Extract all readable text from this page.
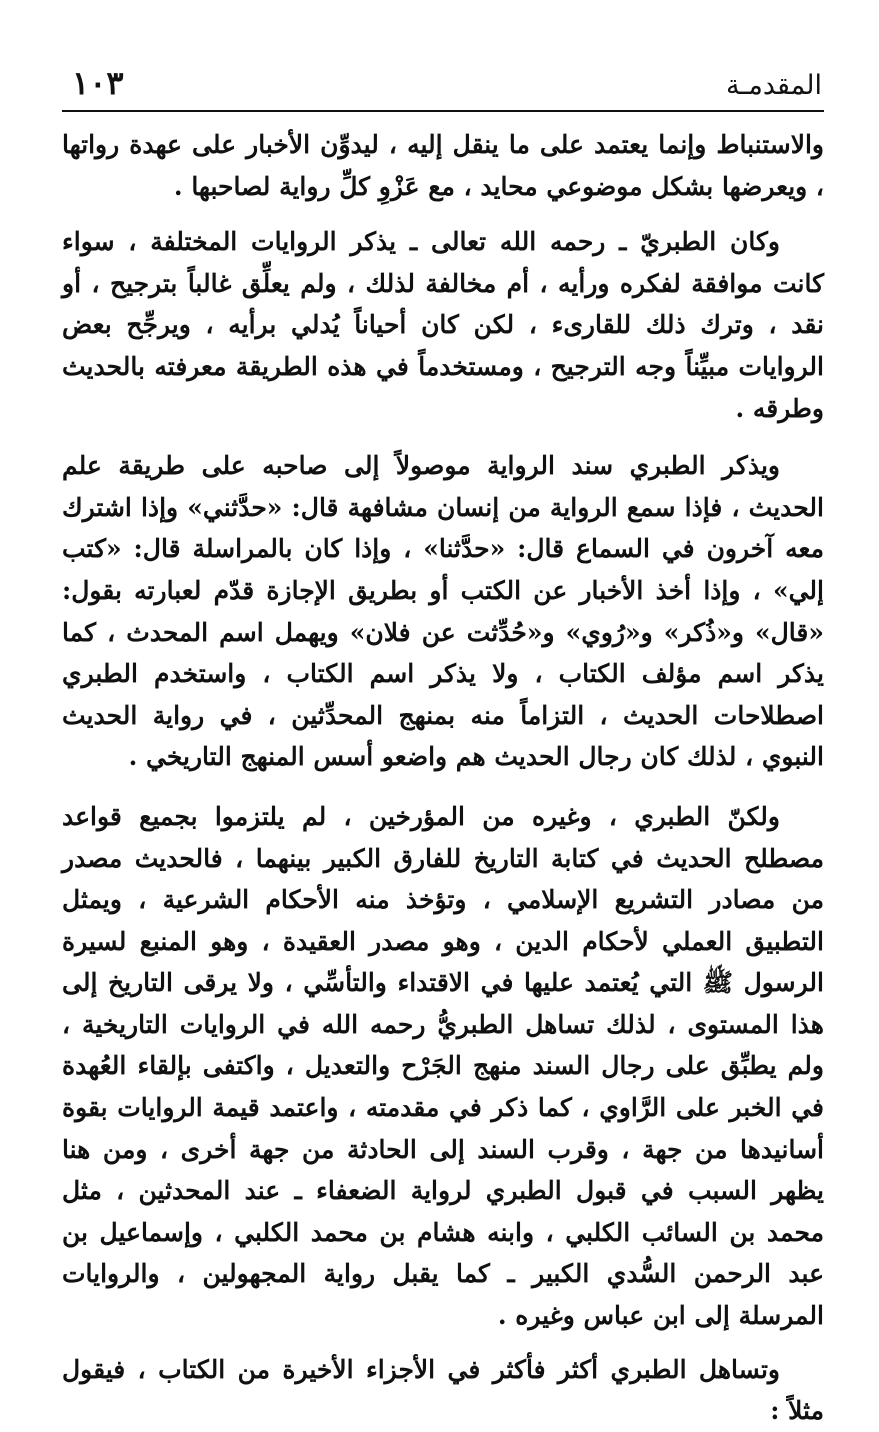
المقدمـة
١٠٣

والاستنباط وإنما يعتمد على ما ينقل إليه ، ليدوِّن الأخبار على عهدة رواتها ، ويعرضها بشكل موضوعي محايد ، مع عَزْوِ كلِّ رواية لصاحبها .

وكان الطبريّ ـ رحمه الله تعالى ـ يذكر الروايات المختلفة ، سواء كانت موافقة لفكره ورأيه ، أم مخالفة لذلك ، ولم يعلِّق غالباً بترجيح ، أو نقد ، وترك ذلك للقارىء ، لكن كان أحياناً يُدلي برأيه ، ويرجِّح بعض الروايات مبيِّناً وجه الترجيح ، ومستخدماً في هذه الطريقة معرفته بالحديث وطرقه .

ويذكر الطبري سند الرواية موصولاً إلى صاحبه على طريقة علم الحديث ، فإذا سمع الرواية من إنسان مشافهة قال: «حدَّثني» وإذا اشترك معه آخرون في السماع قال: «حدَّثنا» ، وإذا كان بالمراسلة قال: «كتب إلي» ، وإذا أخذ الأخبار عن الكتب أو بطريق الإجازة قدّم لعبارته بقول: «قال» و«ذُكر» و«رُوي» و«حُدِّثت عن فلان» ويهمل اسم المحدث ، كما يذكر اسم مؤلف الكتاب ، ولا يذكر اسم الكتاب ، واستخدم الطبري اصطلاحات الحديث ، التزاماً منه بمنهج المحدِّثين ، في رواية الحديث النبوي ، لذلك كان رجال الحديث هم واضعو أسس المنهج التاريخي .

ولكنّ الطبري ، وغيره من المؤرخين ، لم يلتزموا بجميع قواعد مصطلح الحديث في كتابة التاريخ للفارق الكبير بينهما ، فالحديث مصدر من مصادر التشريع الإسلامي ، وتؤخذ منه الأحكام الشرعية ، ويمثل التطبيق العملي لأحكام الدين ، وهو مصدر العقيدة ، وهو المنبع لسيرة الرسول ﷺ التي يُعتمد عليها في الاقتداء والتأسِّي ، ولا يرقى التاريخ إلى هذا المستوى ، لذلك تساهل الطبريُّ رحمه الله في الروايات التاريخية ، ولم يطبِّق على رجال السند منهج الجَرْح والتعديل ، واكتفى بإلقاء العُهدة في الخبر على الرَّاوي ، كما ذكر في مقدمته ، واعتمد قيمة الروايات بقوة أسانيدها من جهة ، وقرب السند إلى الحادثة من جهة أخرى ، ومن هنا يظهر السبب في قبول الطبري لرواية الضعفاء ـ عند المحدثين ، مثل محمد بن السائب الكلبي ، وابنه هشام بن محمد الكلبي ، وإسماعيل بن عبد الرحمن السُّدي الكبير ـ كما يقبل رواية المجهولين ، والروايات المرسلة إلى ابن عباس وغيره .

وتساهل الطبري أكثر فأكثر في الأجزاء الأخيرة من الكتاب ، فيقول مثلاً :
